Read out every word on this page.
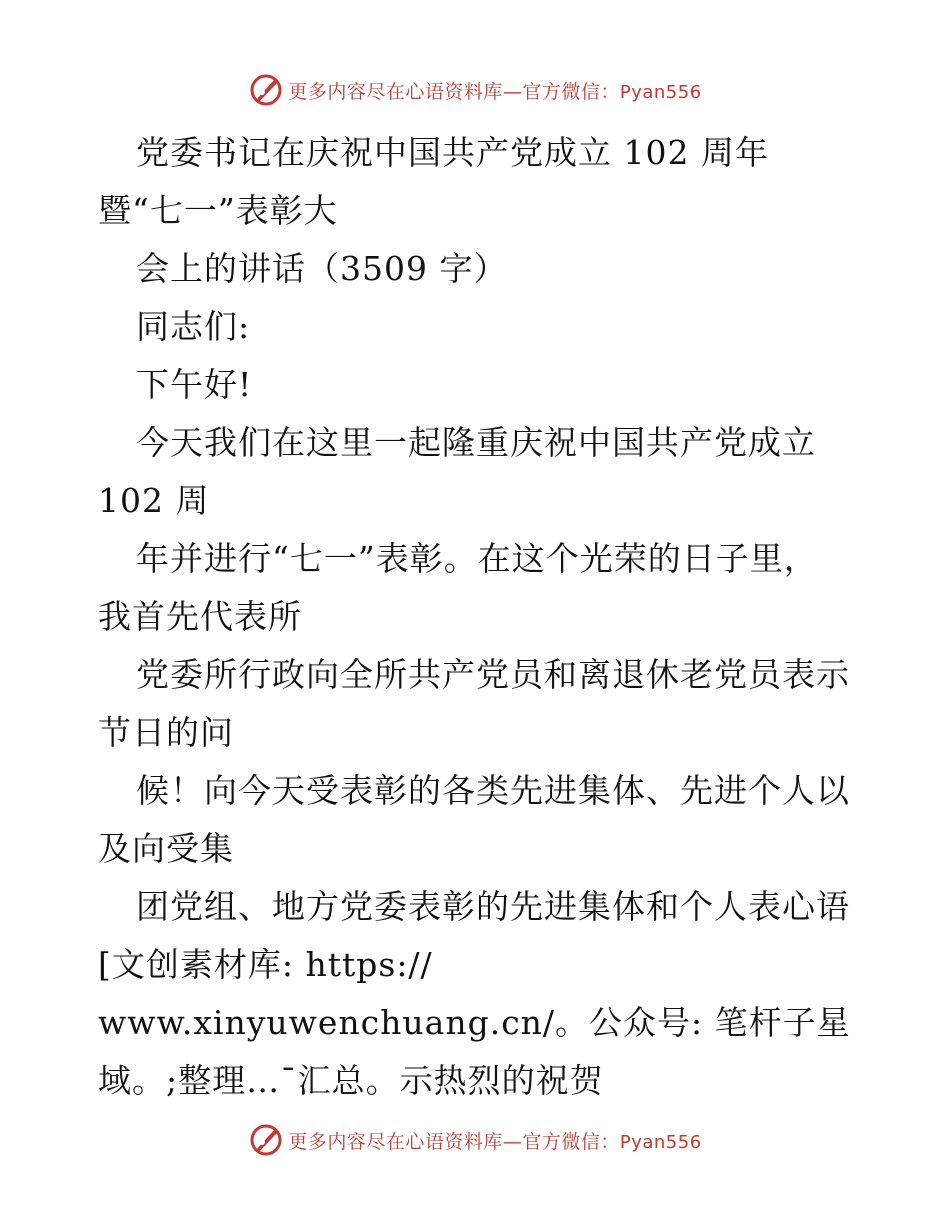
更多内容尽在心语资料库—官方微信：Pyan556
党委书记在庆祝中国共产党成立 102 周年
暨“七一”表彰大
会上的讲话（3509 字）
同志们:
下午好!
今天我们在这里一起隆重庆祝中国共产党成立
102 周
年并进行“七一”表彰。在这个光荣的日子里，
我首先代表所
党委所行政向全所共产党员和离退休老党员表示
节日的问
候！向今天受表彰的各类先进集体、先进个人以
及向受集
团党组、地方党委表彰的先进集体和个人表心语
[文创素材库: https://
www.xinyuwenchuang.cn/。公众号: 笔杆子星
域。;整理…¯汇总。示热烈的祝贺
更多内容尽在心语资料库—官方微信：Pyan556
